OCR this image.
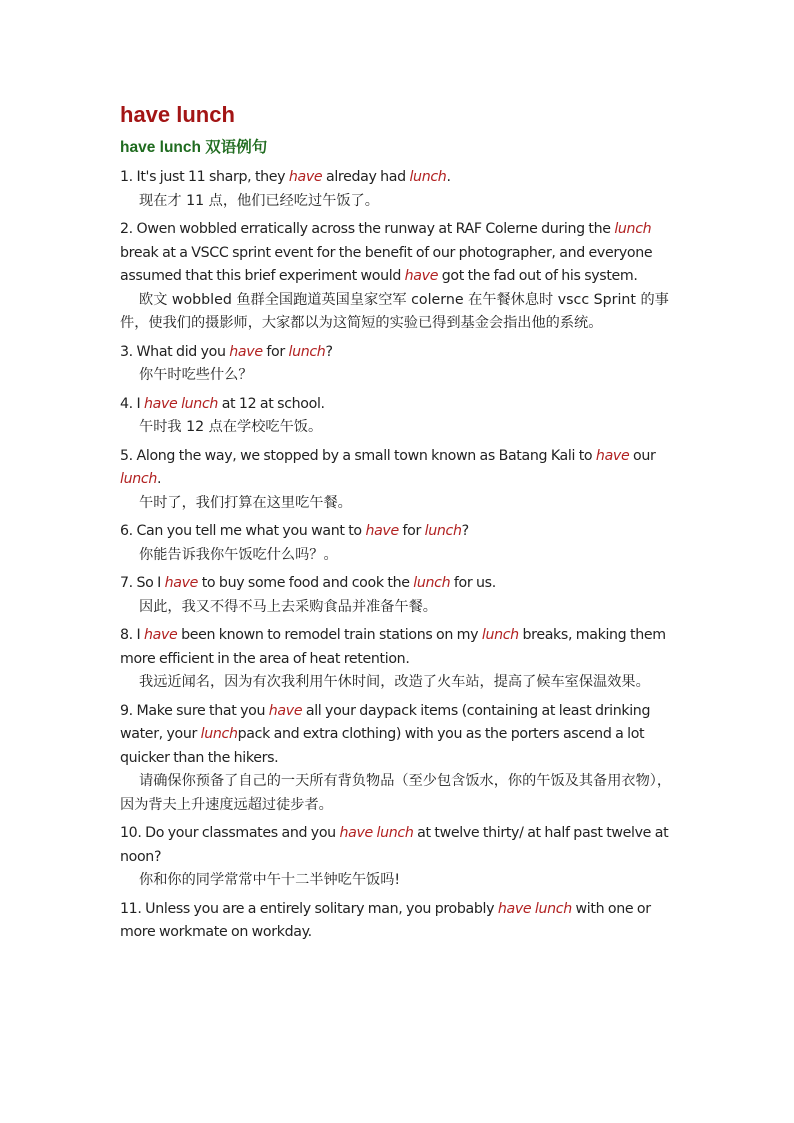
have lunch
have lunch 双语例句
1. It's just 11 sharp, they have alreday had lunch.
现在才 11 点，他们已经吃过午饭了。
2. Owen wobbled erratically across the runway at RAF Colerne during the lunch break at a VSCC sprint event for the benefit of our photographer, and everyone assumed that this brief experiment would have got the fad out of his system.
欧文 wobbled 鱼群全国跑道英国皇家空军 colerne 在午餐休息时 vscc Sprint 的事件，使我们的摄影师，大家都以为这简短的实验已得到基金会指出他的系统。
3. What did you have for lunch?
你午时吃些什么？
4. I have lunch at 12 at school.
午时我 12 点在学校吃午饭。
5. Along the way, we stopped by a small town known as Batang Kali to have our lunch.
午时了，我们打算在这里吃午餐。
6. Can you tell me what you want to have for lunch?
你能告诉我你午饭吃什么吗？。
7. So I have to buy some food and cook the lunch for us.
因此，我又不得不马上去采购食品并准备午餐。
8. I have been known to remodel train stations on my lunch breaks, making them more efficient in the area of heat retention.
我远近闻名，因为有次我利用午休时间，改造了火车站，提高了候车室保温效果。
9. Make sure that you have all your daypack items (containing at least drinking water, your lunchpack and extra clothing) with you as the porters ascend a lot quicker than the hikers.
请确保你预备了自己的一天所有背负物品（至少包含饭水，你的午饭及其备用衣物），因为背夫上升速度远超过徒步者。
10. Do your classmates and you have lunch at twelve thirty/ at half past twelve at noon?
你和你的同学常常中午十二半钟吃午饭吗!
11. Unless you are a entirely solitary man, you probably have lunch with one or more workmate on workday.
